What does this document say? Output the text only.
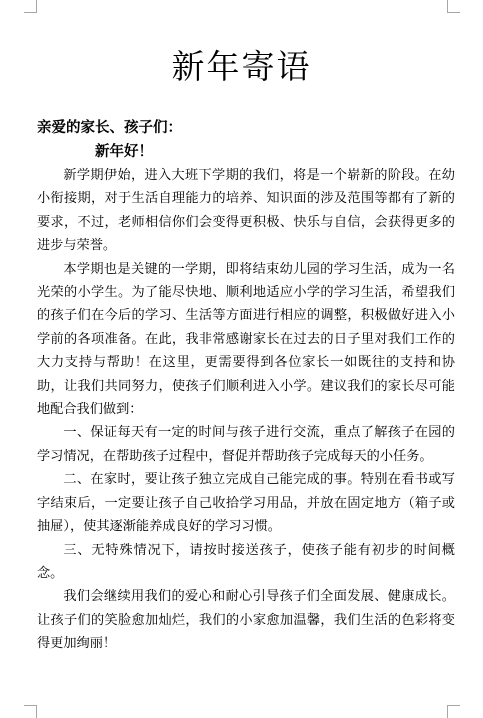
新年寄语
亲爱的家长、孩子们：
新年好！

新学期伊始，进入大班下学期的我们，将是一个崭新的阶段。在幼小衔接期，对于生活自理能力的培养、知识面的涉及范围等都有了新的要求，不过，老师相信你们会变得更积极、快乐与自信，会获得更多的进步与荣誉。

本学期也是关键的一学期，即将结束幼儿园的学习生活，成为一名光荣的小学生。为了能尽快地、顺利地适应小学的学习生活，希望我们的孩子们在今后的学习、生活等方面进行相应的调整，积极做好进入小学前的各项准备。在此，我非常感谢家长在过去的日子里对我们工作的大力支持与帮助！在这里，更需要得到各位家长一如既往的支持和协助，让我们共同努力，使孩子们顺利进入小学。建议我们的家长尽可能地配合我们做到：

一、保证每天有一定的时间与孩子进行交流，重点了解孩子在园的学习情况，在帮助孩子过程中，督促并帮助孩子完成每天的小任务。

二、在家时，要让孩子独立完成自己能完成的事。特别在看书或写字结束后，一定要让孩子自己收拾学习用品，并放在固定地方（箱子或抽屉），使其逐渐能养成良好的学习习惯。

三、无特殊情况下，请按时接送孩子，使孩子能有初步的时间概念。

我们会继续用我们的爱心和耐心引导孩子们全面发展、健康成长。让孩子们的笑脸愈加灿烂，我们的小家愈加温馨，我们生活的色彩将变得更加绚丽！
